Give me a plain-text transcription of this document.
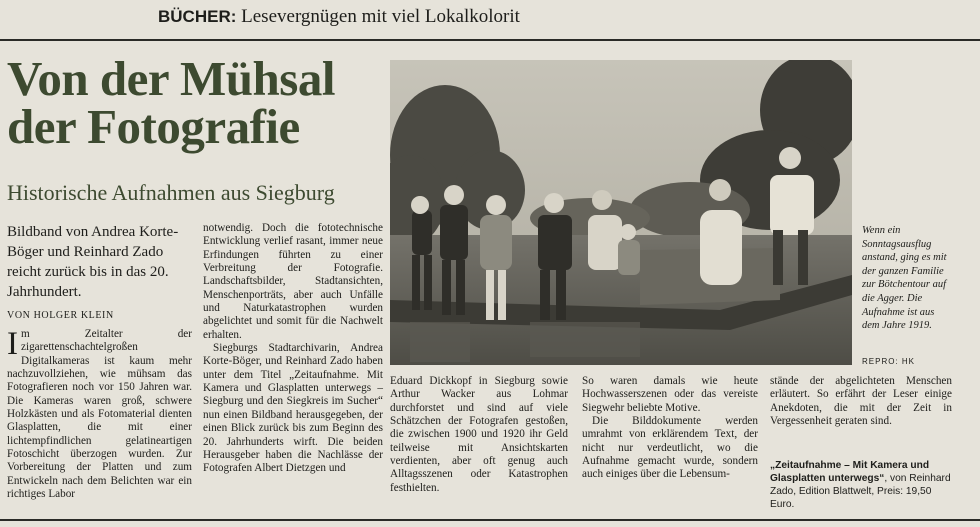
BÜCHER: Lesevergnügen mit viel Lokalkolorit
Von der Mühsal
der Fotografie
Historische Aufnahmen aus Siegburg
Bildband von Andrea Korte-Böger und Reinhard Zado reicht zurück bis in das 20. Jahrhundert.
VON HOLGER KLEIN

Im Zeitalter der zigarettenschachtelgroßen Digitalkameras ist kaum mehr nachzuvollziehen, wie mühsam das Fotografieren noch vor 150 Jahren war. Die Kameras waren groß, schwere Holzkästen und als Fotomaterial dienten Glasplatten, die mit einer lichtempfindlichen gelatineartigen Fotoschicht überzogen wurden. Zur Vorbereitung der Platten und zum Entwickeln nach dem Belichten war ein richtiges Labor

notwendig. Doch die fototechnische Entwicklung verlief rasant, immer neue Erfindungen führten zu einer Verbreitung der Fotografie. Landschaftsbilder, Stadtansichten, Menschenporträts, aber auch Unfälle und Naturkatastrophen wurden abgelichtet und somit für die Nachwelt erhalten.

Siegburgs Stadtarchivarin, Andrea Korte-Böger, und Reinhard Zado haben unter dem Titel „Zeitaufnahme. Mit Kamera und Glasplatten unterwegs – Siegburg und den Siegkreis im Sucher“ nun einen Bildband herausgegeben, der einen Blick zurück bis zum Beginn des 20. Jahrhunderts wirft. Die beiden Herausgeber haben die Nachlässe der Fotografen Albert Dietzgen und

Wenn ein Sonntagsausflug anstand, ging es mit der ganzen Familie zur Bötchentour auf die Agger. Die Aufnahme ist aus dem Jahre 1919.
REPRO: HK

Eduard Dickkopf in Siegburg sowie Arthur Wacker aus Lohmar durchforstet und sind auf viele Schätzchen der Fotografen gestoßen, die zwischen 1900 und 1920 ihr Geld teilweise mit Ansichtskarten verdienten, aber oft genug auch Alltagsszenen oder Katastrophen festhielten.

So waren damals wie heute Hochwasserszenen oder das vereiste Siegwehr beliebte Motive.

Die Bilddokumente werden umrahmt von erklärendem Text, der nicht nur verdeutlicht, wo die Aufnahme gemacht wurde, sondern auch einiges über die Lebensum-

stände der abgelichteten Menschen erläutert. So erfährt der Leser einige Anekdoten, die mit der Zeit in Vergessenheit geraten sind.

„Zeitaufnahme – Mit Kamera und Glasplatten unterwegs“, von Reinhard Zado, Edition Blattwelt, Preis: 19,50 Euro.
